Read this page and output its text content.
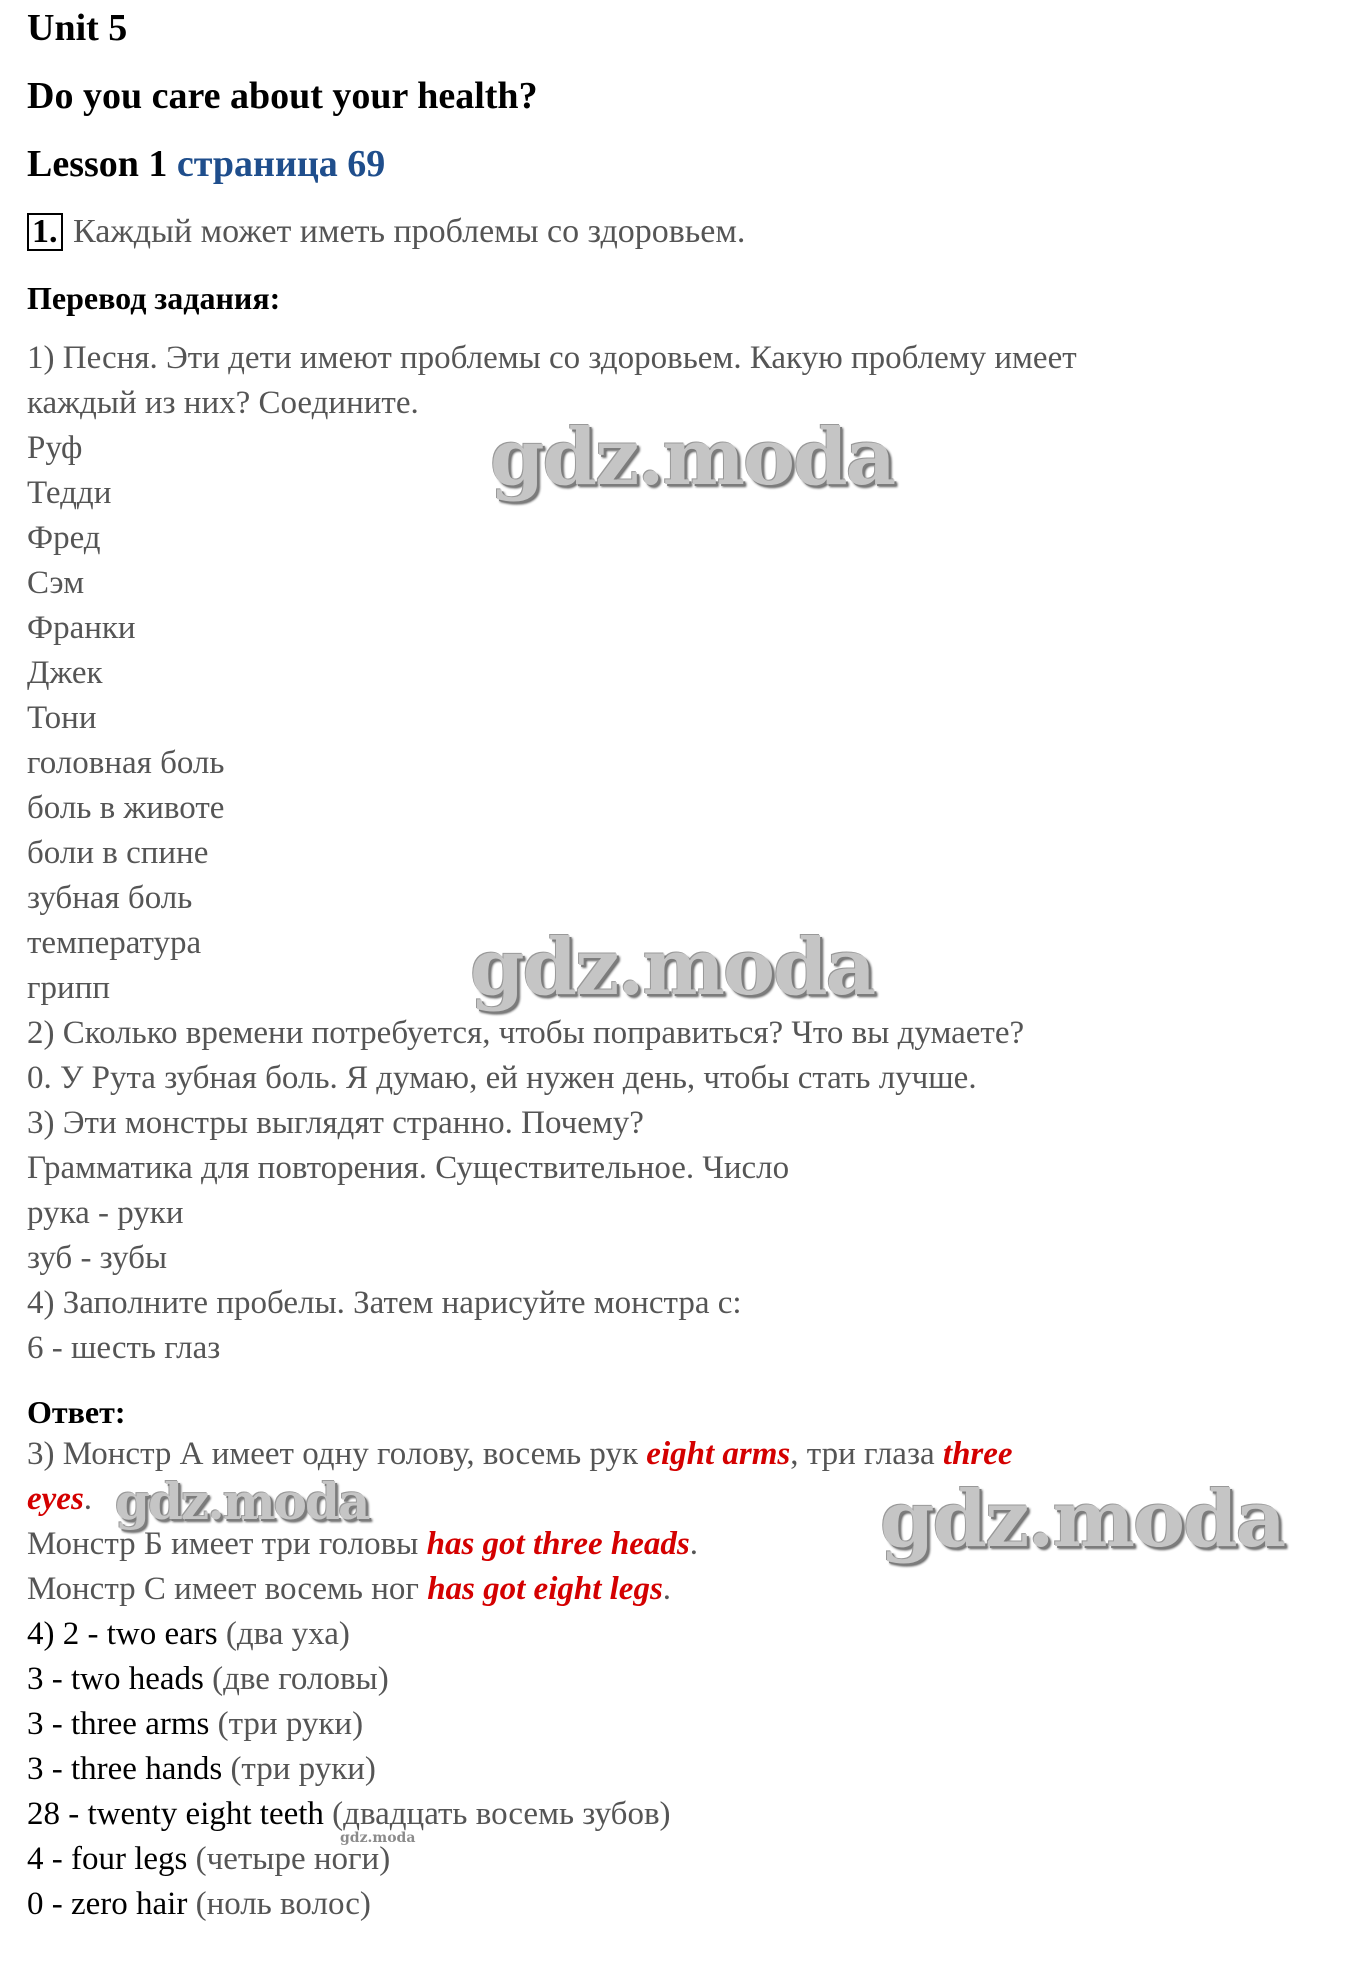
Unit 5
Do you care about your health?
Lesson 1 страница 69
1. Каждый может иметь проблемы со здоровьем.
Перевод задания:
1) Песня. Эти дети имеют проблемы со здоровьем. Какую проблему имеет
каждый из них? Соедините.
Руф
Тедди
Фред
Сэм
Франки
Джек
Тони
головная боль
боль в животе
боли в спине
зубная боль
температура
грипп
2) Сколько времени потребуется, чтобы поправиться? Что вы думаете?
0. У Рута зубная боль. Я думаю, ей нужен день, чтобы стать лучше.
3) Эти монстры выглядят странно. Почему?
Грамматика для повторения. Существительное. Число
рука - руки
зуб - зубы
4) Заполните пробелы. Затем нарисуйте монстра с:
6 - шесть глаз
Ответ:
3) Монстр А имеет одну голову, восемь рук eight arms, три глаза three
eyes.
Монстр Б имеет три головы has got three heads.
Монстр С имеет восемь ног has got eight legs.
4) 2 - two ears (два уха)
3 - two heads (две головы)
3 - three arms (три руки)
3 - three hands (три руки)
28 - twenty eight teeth (двадцать восемь зубов)
4 - four legs (четыре ноги)
0 - zero hair (ноль волос)
gdz.moda
gdz.moda
gdz.moda	gdz.moda
gdz.moda
